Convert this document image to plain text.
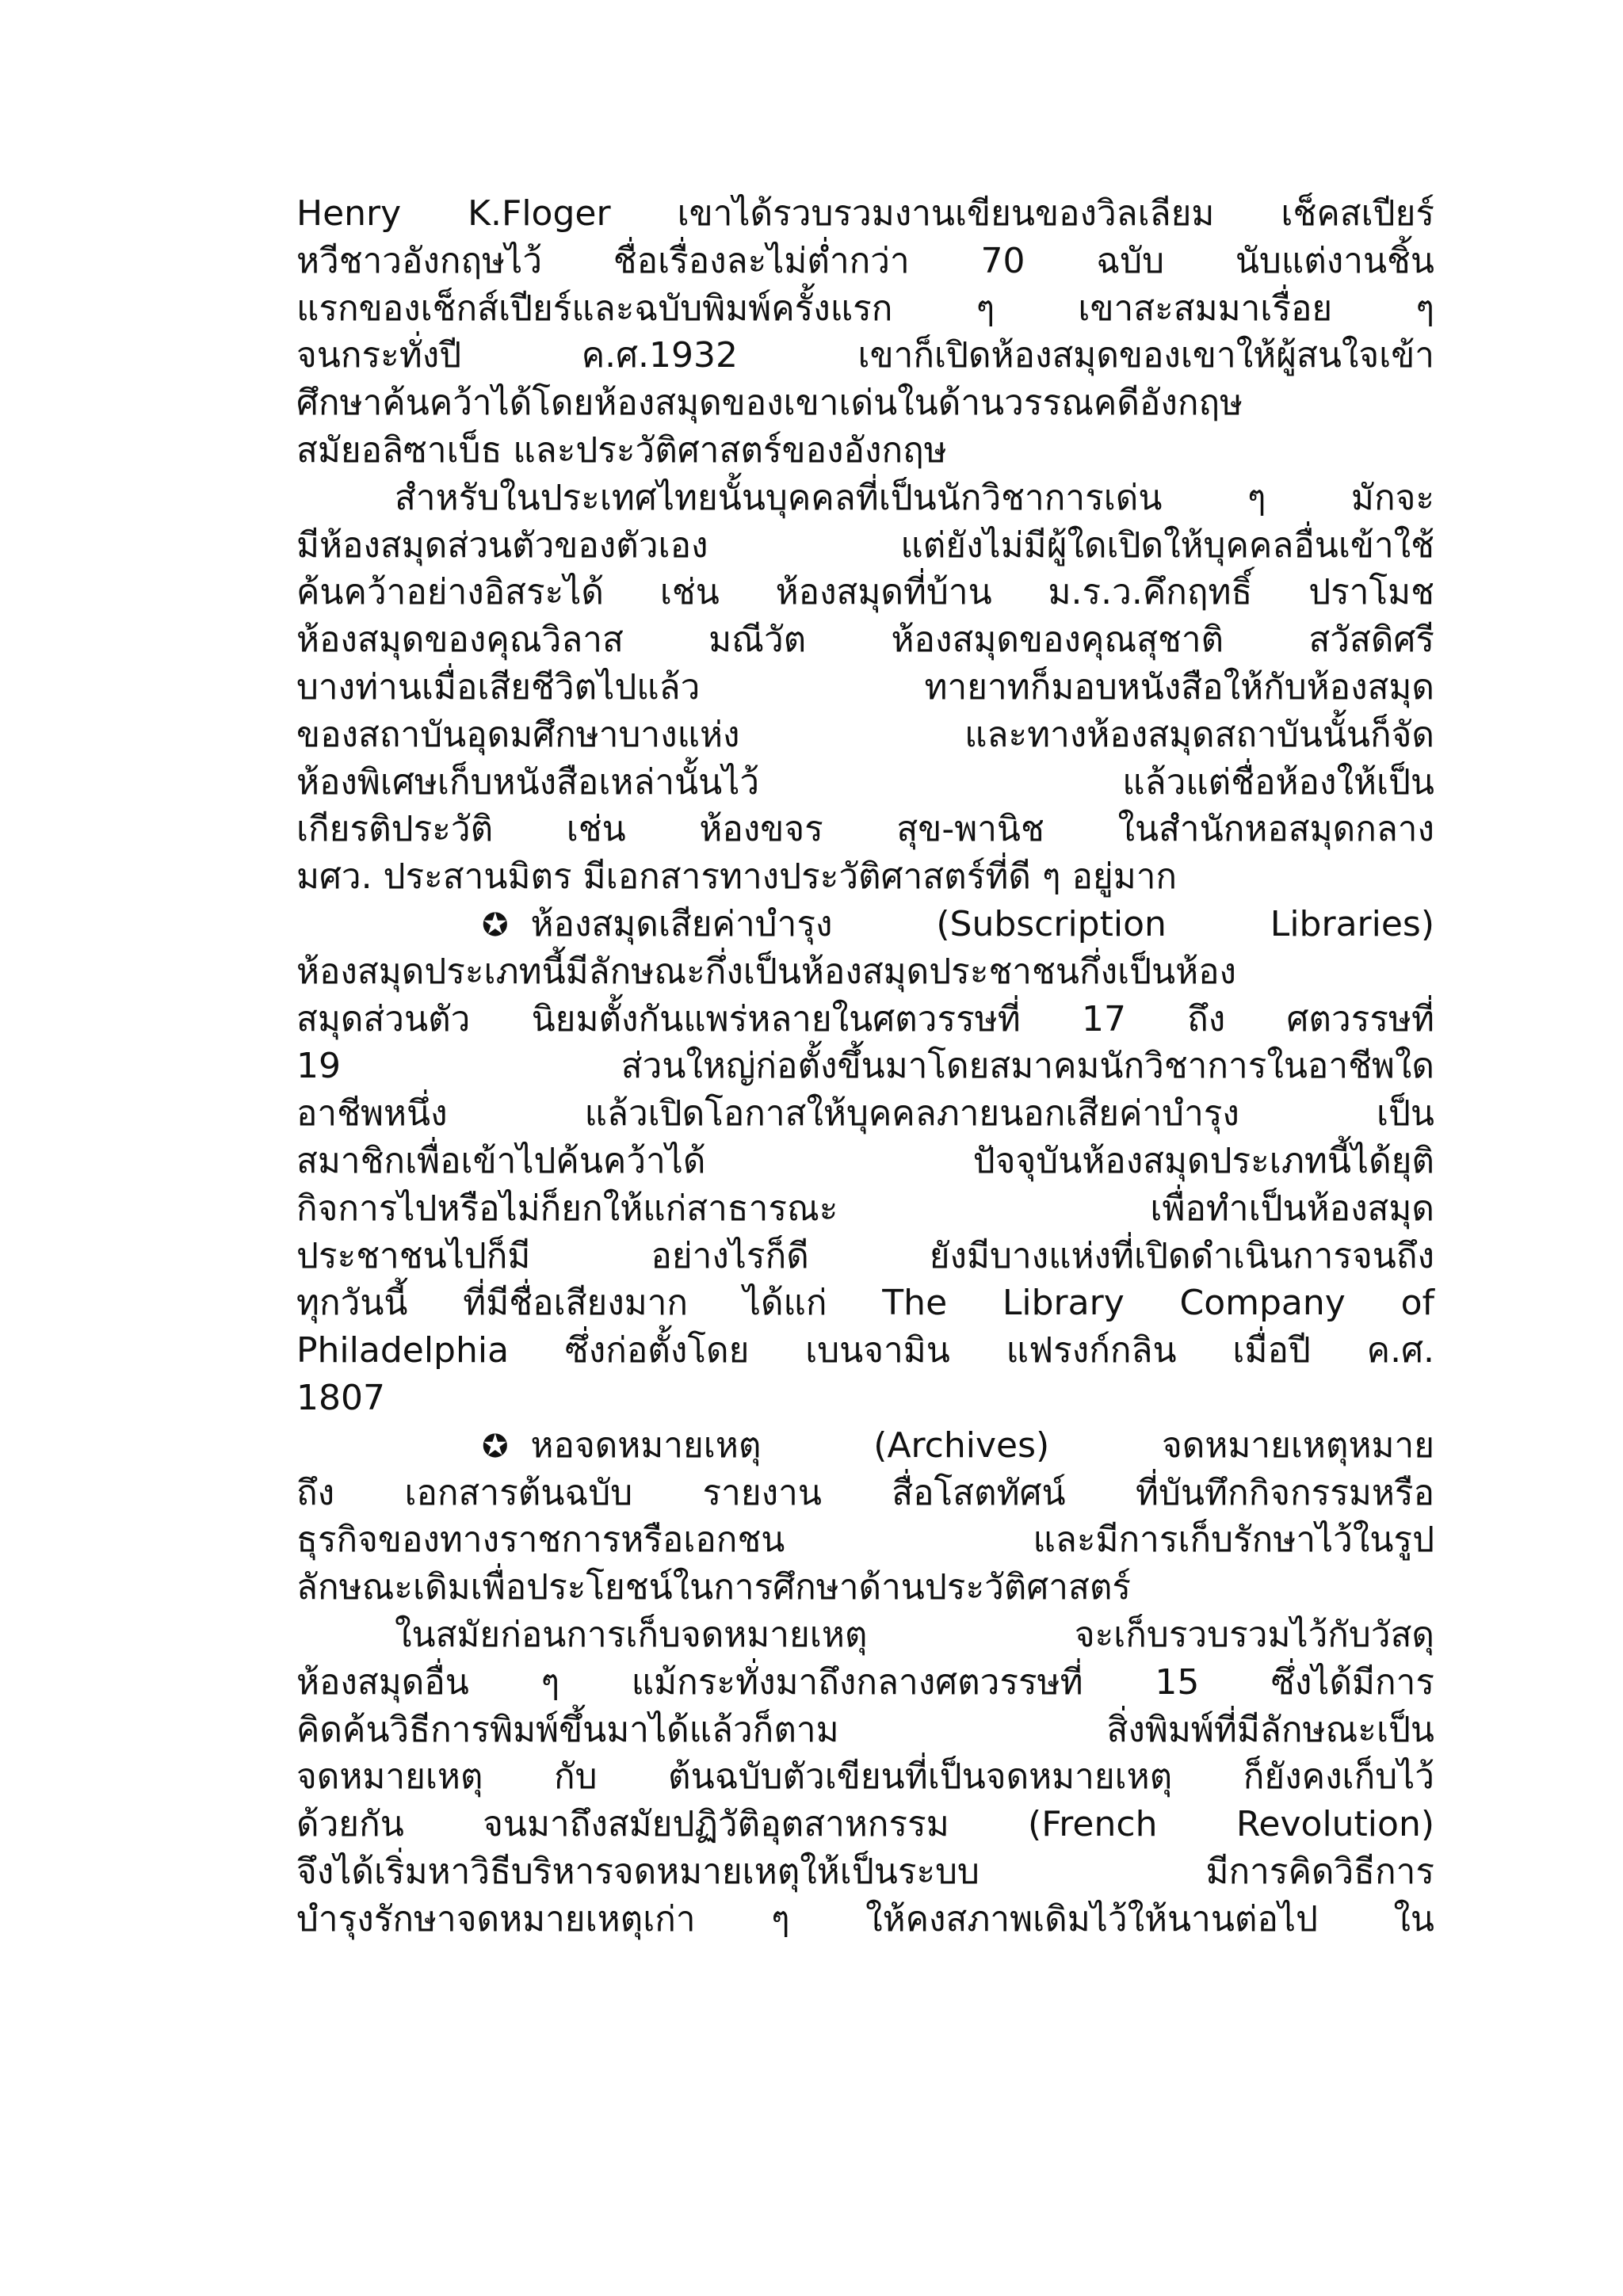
Henry K.Floger เขาได้รวบรวมงานเขียนของวิลเลียม เช็คสเปียร์
หวีชาวอังกฤษไว้ ชื่อเรื่องละไม่ต่ำกว่า 70 ฉบับ นับแต่งานชิ้น
แรกของเช็กส์เปียร์และฉบับพิมพ์ครั้งแรก ๆ เขาสะสมมาเรื่อย ๆ
จนกระทั่งปี ค.ศ.1932 เขาก็เปิดห้องสมุดของเขาให้ผู้สนใจเข้า
ศึกษาค้นคว้าได้โดยห้องสมุดของเขาเด่นในด้านวรรณคดีอังกฤษ
สมัยอลิซาเบ็ธ และประวัติศาสตร์ของอังกฤษ
สำหรับในประเทศไทยนั้นบุคคลที่เป็นนักวิชาการเด่น ๆ มักจะ
มีห้องสมุดส่วนตัวของตัวเอง แต่ยังไม่มีผู้ใดเปิดให้บุคคลอื่นเข้าใช้
ค้นคว้าอย่างอิสระได้ เช่น ห้องสมุดที่บ้าน ม.ร.ว.คึกฤทธิ์ ปราโมช
ห้องสมุดของคุณวิลาส มณีวัต ห้องสมุดของคุณสุชาติ สวัสดิศรี
บางท่านเมื่อเสียชีวิตไปแล้ว ทายาทก็มอบหนังสือให้กับห้องสมุด
ของสถาบันอุดมศึกษาบางแห่ง และทางห้องสมุดสถาบันนั้นก็จัด
ห้องพิเศษเก็บหนังสือเหล่านั้นไว้ แล้วแต่ชื่อห้องให้เป็น
เกียรติประวัติ เช่น ห้องขจร สุข-พานิช ในสำนักหอสมุดกลาง
มศว. ประสานมิตร มีเอกสารทางประวัติศาสตร์ที่ดี ๆ อยู่มาก
✪ ห้องสมุดเสียค่าบำรุง (Subscription Libraries)
ห้องสมุดประเภทนี้มีลักษณะกึ่งเป็นห้องสมุดประชาชนกึ่งเป็นห้อง
สมุดส่วนตัว นิยมตั้งกันแพร่หลายในศตวรรษที่ 17 ถึง ศตวรรษที่
19 ส่วนใหญ่ก่อตั้งขึ้นมาโดยสมาคมนักวิชาการในอาชีพใด
อาชีพหนึ่ง แล้วเปิดโอกาสให้บุคคลภายนอกเสียค่าบำรุง เป็น
สมาชิกเพื่อเข้าไปค้นคว้าได้ ปัจจุบันห้องสมุดประเภทนี้ได้ยุติ
กิจการไปหรือไม่ก็ยกให้แก่สาธารณะ เพื่อทำเป็นห้องสมุด
ประชาชนไปก็มี อย่างไรก็ดี ยังมีบางแห่งที่เปิดดำเนินการจนถึง
ทุกวันนี้ ที่มีชื่อเสียงมาก ได้แก่ The Library Company of
Philadelphia ซึ่งก่อตั้งโดย เบนจามิน แฟรงก์กลิน เมื่อปี ค.ศ.
1807
✪ หอจดหมายเหตุ (Archives) จดหมายเหตุหมาย
ถึง เอกสารต้นฉบับ รายงาน สื่อโสตทัศน์ ที่บันทึกกิจกรรมหรือ
ธุรกิจของทางราชการหรือเอกชน และมีการเก็บรักษาไว้ในรูป
ลักษณะเดิมเพื่อประโยชน์ในการศึกษาด้านประวัติศาสตร์
ในสมัยก่อนการเก็บจดหมายเหตุ จะเก็บรวบรวมไว้กับวัสดุ
ห้องสมุดอื่น ๆ แม้กระทั่งมาถึงกลางศตวรรษที่ 15 ซึ่งได้มีการ
คิดค้นวิธีการพิมพ์ขึ้นมาได้แล้วก็ตาม สิ่งพิมพ์ที่มีลักษณะเป็น
จดหมายเหตุ กับ ต้นฉบับตัวเขียนที่เป็นจดหมายเหตุ ก็ยังคงเก็บไว้
ด้วยกัน จนมาถึงสมัยปฏิวัติอุตสาหกรรม (French Revolution)
จึงได้เริ่มหาวิธีบริหารจดหมายเหตุให้เป็นระบบ มีการคิดวิธีการ
บำรุงรักษาจดหมายเหตุเก่า ๆ ให้คงสภาพเดิมไว้ให้นานต่อไป ใน
